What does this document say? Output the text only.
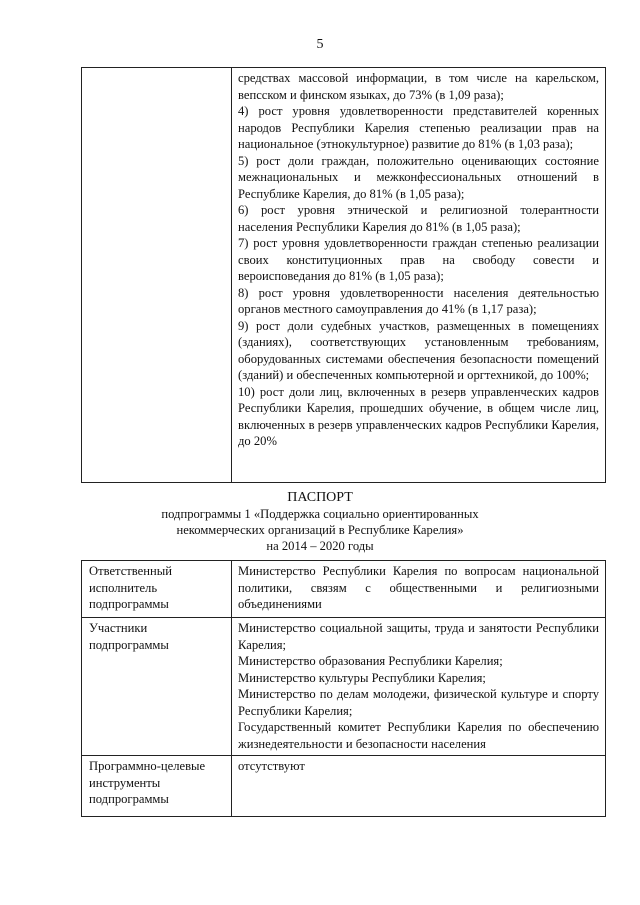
5

средствах массовой информации, в том числе на карельском, вепсском и финском языках, до 73% (в 1,09 раза);
4) рост уровня удовлетворенности представителей коренных народов Республики Карелия степенью реализации прав на национальное (этнокультурное) развитие до 81% (в 1,03 раза);
5) рост доли граждан, положительно оценивающих состояние межнациональных и межконфессиональных отношений в Республике Карелия, до 81% (в 1,05 раза);
6) рост уровня этнической и религиозной толерантности населения Республики Карелия до 81% (в 1,05 раза);
7) рост уровня удовлетворенности граждан степенью реализации своих конституционных прав на свободу совести и вероисповедания до 81% (в 1,05 раза);
8) рост уровня удовлетворенности населения деятельностью органов местного самоуправления до 41% (в 1,17 раза);
9) рост доли судебных участков, размещенных в помещениях (зданиях), соответствующих установленным требованиям, оборудованных системами обеспечения безопасности помещений (зданий) и обеспеченных компьютерной и оргтехникой, до 100%;
10) рост доли лиц, включенных в резерв управленческих кадров Республики Карелия, прошедших обучение, в общем числе лиц, включенных в резерв управленческих кадров Республики Карелия, до 20%
ПАСПОРТ
подпрограммы 1 «Поддержка социально ориентированных
некоммерческих организаций в Республике Карелия»
на 2014 – 2020 годы
Ответственный исполнитель подпрограммы	Министерство Республики Карелия по вопросам национальной политики, связям с общественными и религиозными объединениями

Участники подпрограммы	Министерство социальной защиты, труда и занятости Республики Карелия;
Министерство образования Республики Карелия;
Министерство культуры Республики Карелия;
Министерство по делам молодежи, физической культуре и спорту Республики Карелия;
Государственный комитет Республики Карелия по обеспечению жизнедеятельности и безопасности населения

Программно-целевые инструменты подпрограммы	отсутствуют
